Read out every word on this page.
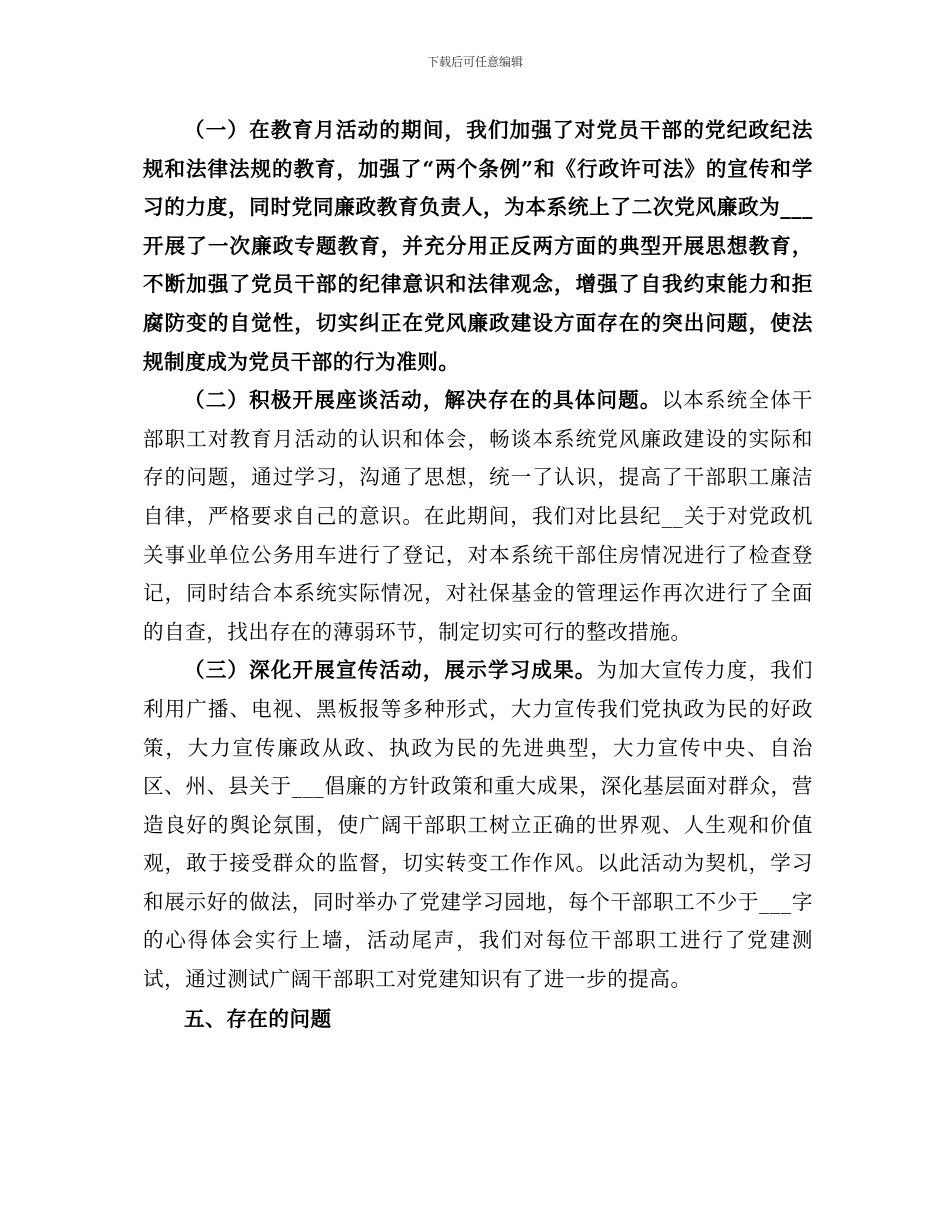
下载后可任意编辑

（一）在教育月活动的期间，我们加强了对党员干部的党纪政纪法规和法律法规的教育，加强了“两个条例”和《行政许可法》的宣传和学习的力度，同时党同廉政教育负责人，为本系统上了二次党风廉政为___开展了一次廉政专题教育，并充分用正反两方面的典型开展思想教育，不断加强了党员干部的纪律意识和法律观念，增强了自我约束能力和拒腐防变的自觉性，切实纠正在党风廉政建设方面存在的突出问题，使法规制度成为党员干部的行为准则。

（二）积极开展座谈活动，解决存在的具体问题。以本系统全体干部职工对教育月活动的认识和体会，畅谈本系统党风廉政建设的实际和存的问题，通过学习，沟通了思想，统一了认识，提高了干部职工廉洁自律，严格要求自己的意识。在此期间，我们对比县纪__关于对党政机关事业单位公务用车进行了登记，对本系统干部住房情况进行了检查登记，同时结合本系统实际情况，对社保基金的管理运作再次进行了全面的自查，找出存在的薄弱环节，制定切实可行的整改措施。

（三）深化开展宣传活动，展示学习成果。为加大宣传力度，我们利用广播、电视、黑板报等多种形式，大力宣传我们党执政为民的好政策，大力宣传廉政从政、执政为民的先进典型，大力宣传中央、自治区、州、县关于___倡廉的方针政策和重大成果，深化基层面对群众，营造良好的舆论氛围，使广阔干部职工树立正确的世界观、人生观和价值观，敢于接受群众的监督，切实转变工作作风。以此活动为契机，学习和展示好的做法，同时举办了党建学习园地，每个干部职工不少于___字的心得体会实行上墙，活动尾声，我们对每位干部职工进行了党建测试，通过测试广阔干部职工对党建知识有了进一步的提高。

五、存在的问题
